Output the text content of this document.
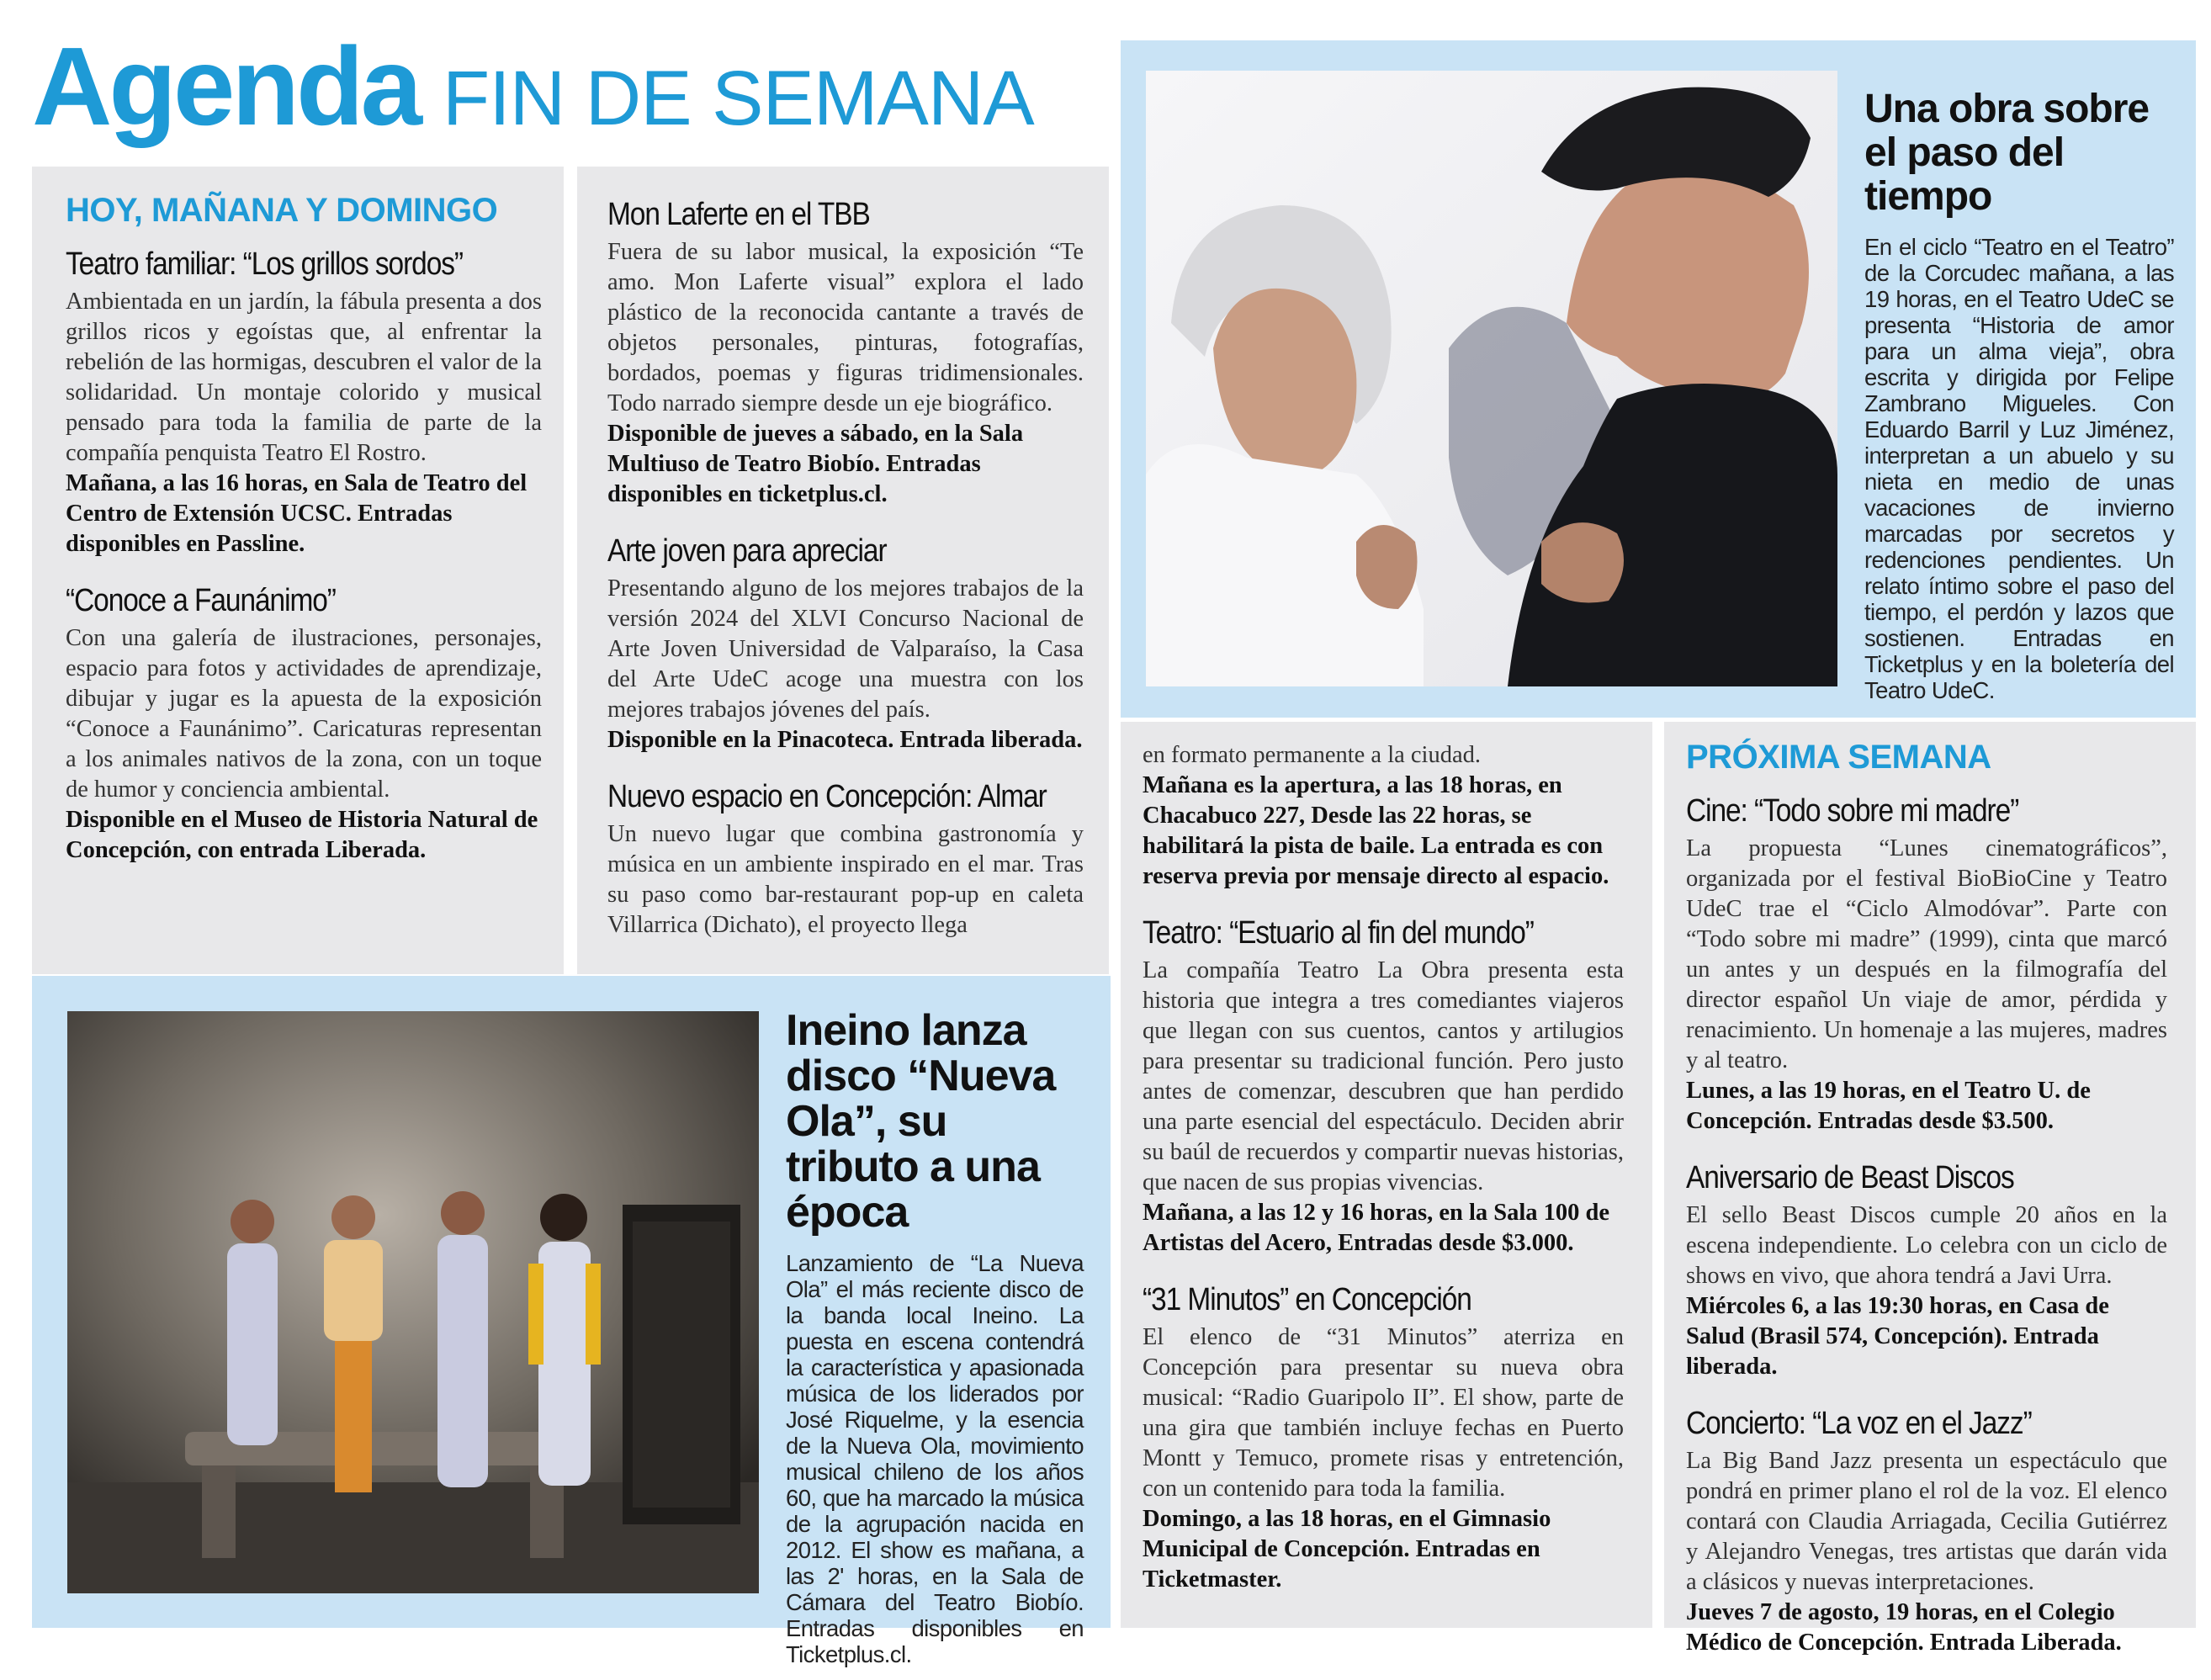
Agenda FIN DE SEMANA
HOY, MAÑANA Y DOMINGO
Teatro familiar: “Los grillos sordos”

Ambientada en un jardín, la fábula presenta a dos grillos ricos y egoístas que, al enfrentar la rebelión de las hormigas, descubren el valor de la solidaridad. Un montaje colorido y musical pensado para toda la familia de parte de la compañía penquista Teatro El Rostro.

Mañana, a las 16 horas, en Sala de Teatro del Centro de Extensión UCSC. Entradas disponibles en Passline.

“Conoce a Faunánimo”

Con una galería de ilustraciones, personajes, espacio para fotos y actividades de aprendizaje, dibujar y jugar es la apuesta de la exposición “Conoce a Faunánimo”. Caricaturas representan a los animales nativos de la zona, con un toque de humor y conciencia ambiental.

Disponible en el Museo de Historia Natural de Concepción, con entrada Liberada.

Mon Laferte en el TBB

Fuera de su labor musical, la exposición “Te amo. Mon Laferte visual” explora el lado plástico de la reconocida cantante a través de objetos personales, pinturas, fotografías, bordados, poemas y figuras tridimensionales. Todo narrado siempre desde un eje biográfico.

Disponible de jueves a sábado, en la Sala Multiuso de Teatro Biobío. Entradas disponibles en ticketplus.cl.

Arte joven para apreciar

Presentando alguno de los mejores trabajos de la versión 2024 del XLVI Concurso Nacional de Arte Joven Universidad de Valparaíso, la Casa del Arte UdeC acoge una muestra con los mejores trabajos jóvenes del país.

Disponible en la Pinacoteca. Entrada liberada.

Nuevo espacio en Concepción: Almar

Un nuevo lugar que combina gastronomía y música en un ambiente inspirado en el mar. Tras su paso como bar-restaurant pop-up en caleta Villarrica (Dichato), el proyecto llega

Una obra sobre el paso del tiempo

En el ciclo “Teatro en el Teatro” de la Corcudec mañana, a las 19 horas, en el Teatro UdeC se presenta “Historia de amor para un alma vieja”, obra escrita y dirigida por Felipe Zambrano Migueles. Con Eduardo Barril y Luz Jiménez, interpretan a un abuelo y su nieta en medio de unas vacaciones de invierno marcadas por secretos y redenciones pendientes. Un relato íntimo sobre el paso del tiempo, el perdón y lazos que sostienen. Entradas en Ticketplus y en la boletería del Teatro UdeC.

en formato permanente a la ciudad.

Mañana es la apertura, a las 18 horas, en Chacabuco 227, Desde las 22 horas, se habilitará la pista de baile. La entrada es con reserva previa por mensaje directo al espacio.

Teatro: “Estuario al fin del mundo”

La compañía Teatro La Obra presenta esta historia que integra a tres comediantes viajeros que llegan con sus cuentos, cantos y artilugios para presentar su tradicional función. Pero justo antes de comenzar, descubren que han perdido una parte esencial del espectáculo. Deciden abrir su baúl de recuerdos y compartir nuevas historias, que nacen de sus propias vivencias.

Mañana, a las 12 y 16 horas, en la Sala 100 de Artistas del Acero, Entradas desde $3.000.

“31 Minutos” en Concepción

El elenco de “31 Minutos” aterriza en Concepción para presentar su nueva obra musical: “Radio Guaripolo II”. El show, parte de una gira que también incluye fechas en Puerto Montt y Temuco, promete risas y entretención, con un contenido para toda la familia.

Domingo, a las 18 horas, en el Gimnasio Municipal de Concepción. Entradas en Ticketmaster.

PRÓXIMA SEMANA
Cine: “Todo sobre mi madre”

La propuesta “Lunes cinematográficos”, organizada por el festival BioBioCine y Teatro UdeC trae el “Ciclo Almodóvar”. Parte con “Todo sobre mi madre” (1999), cinta que marcó un antes y un después en la filmografía del director español Un viaje de amor, pérdida y renacimiento. Un homenaje a las mujeres, madres y al teatro.

Lunes, a las 19 horas, en el Teatro U. de Concepción. Entradas desde $3.500.

Aniversario de Beast Discos

El sello Beast Discos cumple 20 años en la escena independiente. Lo celebra con un ciclo de shows en vivo, que ahora tendrá a Javi Urra.

Miércoles 6, a las 19:30 horas, en Casa de Salud (Brasil 574, Concepción). Entrada liberada.

Concierto: “La voz en el Jazz”

La Big Band Jazz presenta un espectáculo que pondrá en primer plano el rol de la voz. El elenco contará con Claudia Arriagada, Cecilia Gutiérrez y Alejandro Venegas, tres artistas que darán vida a clásicos y nuevas interpretaciones.

Jueves 7 de agosto, 19 horas, en el Colegio Médico de Concepción. Entrada Liberada.

Ineino lanza disco “Nueva Ola”, su tributo a una época

Lanzamiento de “La Nueva Ola” el más reciente disco de la banda local Ineino. La puesta en escena contendrá la característica y apasionada música de los liderados por José Riquelme, y la esencia de la Nueva Ola, movimiento musical chileno de los años 60, que ha marcado la música de la agrupación nacida en 2012. El show es mañana, a las 2' horas, en la Sala de Cámara del Teatro Biobío. Entradas disponibles en Ticketplus.cl.
